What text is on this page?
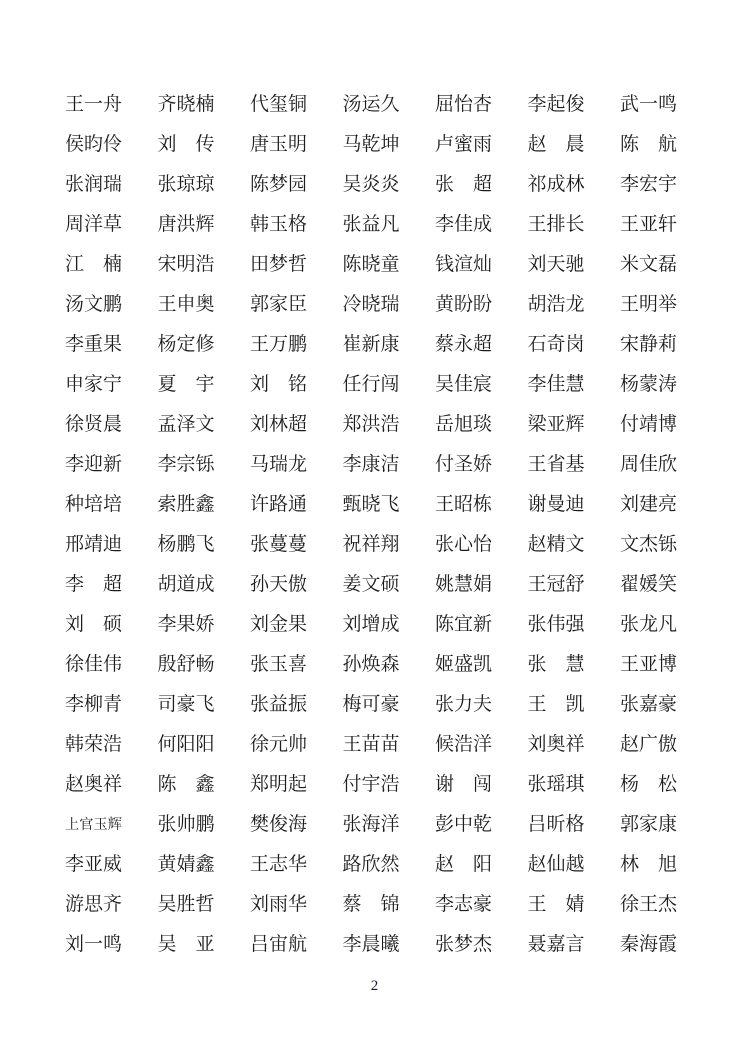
王一舟 齐晓楠 代玺铜 汤运久 屈怡杏 李起俊 武一鸣
侯昀伶 刘传 唐玉明 马乾坤 卢蜜雨 赵晨 陈航
张润瑞 张琼琼 陈梦园 吴炎炎 张超 祁成林 李宏宇
周洋草 唐洪辉 韩玉格 张益凡 李佳成 王排长 王亚轩
江楠 宋明浩 田梦哲 陈晓童 钱渲灿 刘天驰 米文磊
汤文鹏 王申奥 郭家臣 冷晓瑞 黄盼盼 胡浩龙 王明举
李重果 杨定修 王万鹏 崔新康 蔡永超 石奇岗 宋静莉
申家宁 夏宇 刘铭 任行闯 吴佳宸 李佳慧 杨蒙涛
徐贤晨 孟泽文 刘林超 郑洪浩 岳旭琰 梁亚辉 付靖博
李迎新 李宗铄 马瑞龙 李康洁 付圣娇 王省基 周佳欣
种培培 索胜鑫 许路通 甄晓飞 王昭栋 谢曼迪 刘建亮
邢靖迪 杨鹏飞 张蔓蔓 祝祥翔 张心怡 赵精文 文杰铄
李超 胡道成 孙天傲 姜文硕 姚慧娟 王冠舒 翟媛笑
刘硕 李果娇 刘金果 刘增成 陈宜新 张伟强 张龙凡
徐佳伟 殷舒畅 张玉喜 孙焕森 姬盛凯 张慧 王亚博
李柳青 司豪飞 张益振 梅可豪 张力夫 王凯 张嘉豪
韩荣浩 何阳阳 徐元帅 王苗苗 候浩洋 刘奥祥 赵广傲
赵奥祥 陈鑫 郑明起 付宇浩 谢闯 张瑶琪 杨松
上官玉辉 张帅鹏 樊俊海 张海洋 彭中乾 吕昕格 郭家康
李亚威 黄婧鑫 王志华 路欣然 赵阳 赵仙越 林旭
游思齐 吴胜哲 刘雨华 蔡锦 李志豪 王婧 徐王杰
刘一鸣 吴亚 吕宙航 李晨曦 张梦杰 聂嘉言 秦海霞
2
